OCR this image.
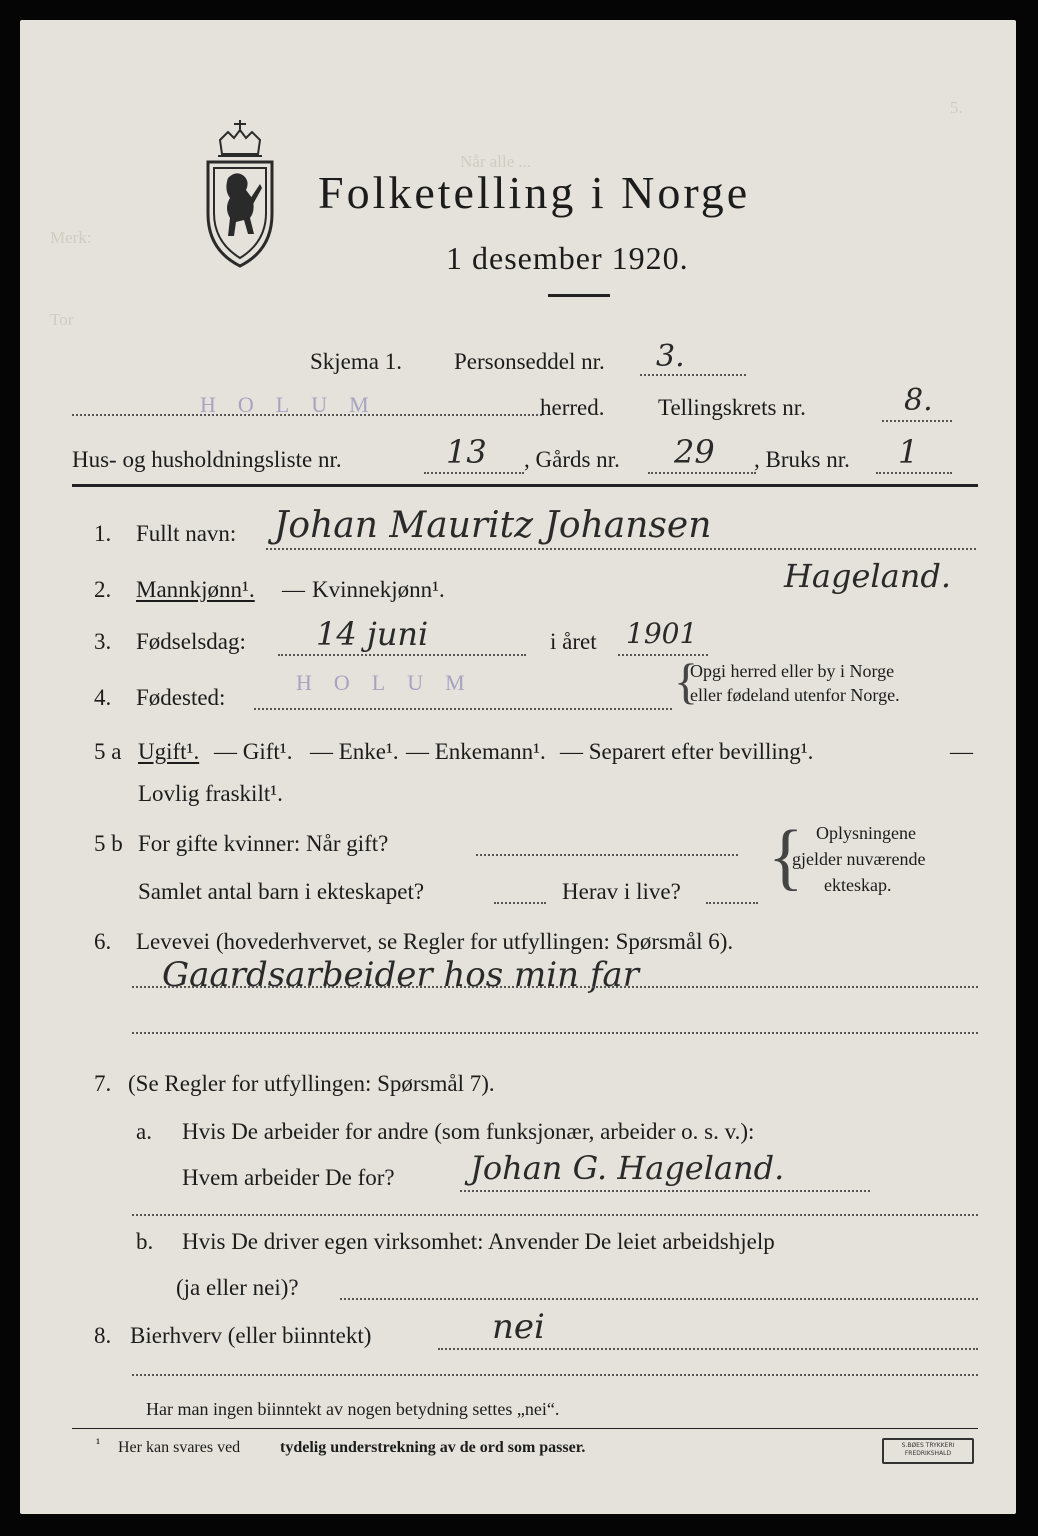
5.
Når alle ...
Merk:
Tor
Folketelling i Norge
1 desember 1920.
Skjema 1. Personseddel nr. 3.
HOLUM	herred. Tellingskrets nr.	8.
Hus- og husholdningsliste nr.	13 , Gårds nr. 29 , Bruks nr. 1
1. Fullt navn: Johan Mauritz Johansen
Hageland.
2. Mannkjønn¹. — Kvinnekjønn¹.
3. Fødselsdag: 14 juni	i året 1901
4. Fødested:
HOLUM	{
Opgi herred eller by i Norge
eller fødeland utenfor Norge.
5 a Ugift¹. — Gift¹. — Enke¹. — Enkemann¹. — Separert efter bevilling¹.	—
Lovlig fraskilt¹.
5 b For gifte kvinner: Når gift?
Samlet antal barn i ekteskapet?	Herav i live? { Oplysningene
gjelder nuværende
ekteskap.
6. Levevei (hovederhvervet, se Regler for utfyllingen: Spørsmål 6).
Gaardsarbeider hos min far
7. (Se Regler for utfyllingen: Spørsmål 7).
a. Hvis De arbeider for andre (som funksjonær, arbeider o. s. v.):
Hvem arbeider De for? Johan G. Hageland.
b. Hvis De driver egen virksomhet: Anvender De leiet arbeidshjelp
(ja eller nei)?
8. Bierhverv (eller biinntekt)	nei
Har man ingen biinntekt av nogen betydning settes „nei“.
¹ Her kan svares ved tydelig understrekning av de ord som passer.	S.BØES TRYKKERI FREDRIKSHALD
